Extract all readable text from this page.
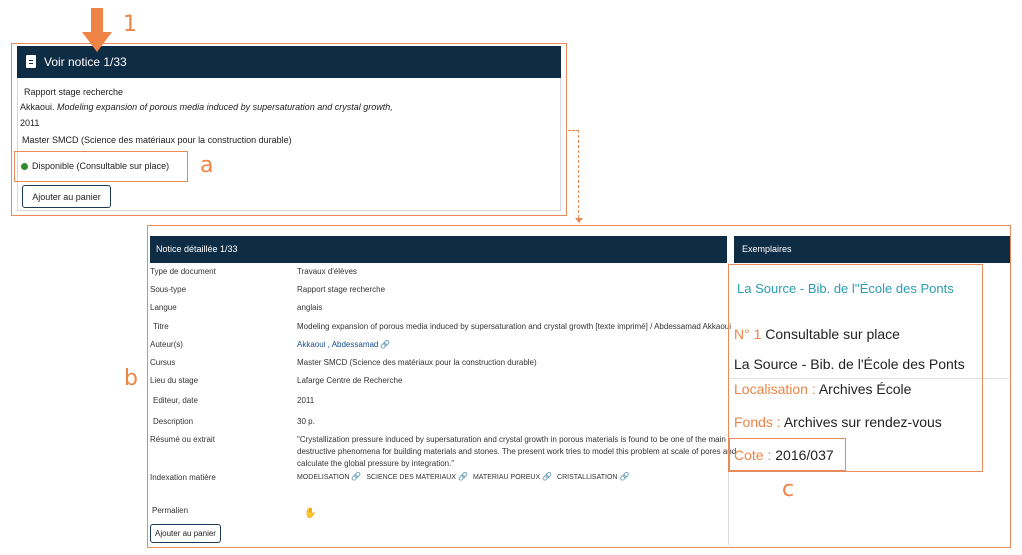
Voir notice 1/33
1
Rapport stage recherche
Akkaoui. Modeling expansion of porous media induced by supersaturation and crystal growth,
2011
Master SMCD (Science des matériaux pour la construction durable)
Disponible (Consultable sur place) a
Ajouter au panier
b
Notice détaillée 1/33	Exemplaires
Type de document	Travaux d'élèves
Sous-type	Rapport stage recherche
Langue	anglais
Titre	Modeling expansion of porous media induced by supersaturation and crystal growth [texte imprimé] / Abdessamad Akkaoui
Auteur(s)	Akkaoui , Abdessamad 🔗
Cursus	Master SMCD (Science des matériaux pour la construction durable)
Lieu du stage	Lafarge Centre de Recherche
Editeur, date	2011
Description	30 p.
Résumé ou extrait	"Crystallization pressure induced by supersaturation and crystal growth in porous materials is found to be one of the main
destructive phenomena for building materials and stones. The present work tries to model this problem at scale of pores and
calculate the global pressure by integration."
Indexation matière	MODELISATION 🔗 SCIENCE DES MATERIAUX 🔗 MATERIAU POREUX 🔗 CRISTALLISATION 🔗
Permalien	✋
Ajouter au panier
La Source - Bib. de l''École des Ponts
N° 1 Consultable sur place
La Source - Bib. de l'École des Ponts
Localisation : Archives École
Fonds : Archives sur rendez-vous
Cote : 2016/037
c
